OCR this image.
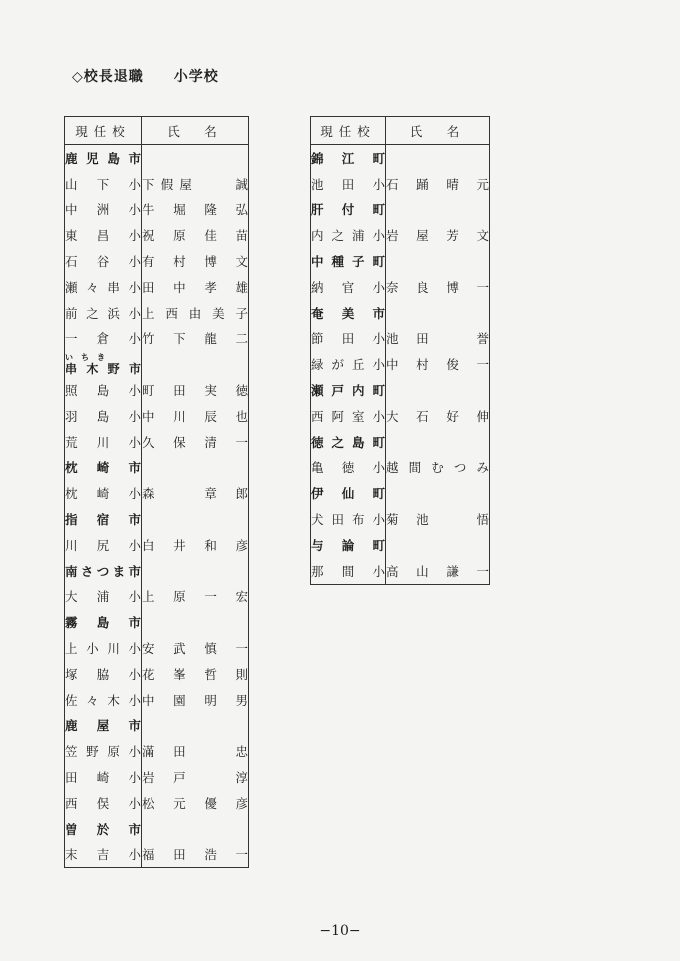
◇校長退職　　小学校
現任校	氏　名
鹿児島市	
山下小	下假屋　　誠

中洲小	牛堀隆弘

東昌小	祝原佳苗

石谷小	有村博文

瀬々串小	田中孝雄

前之浜小	上西由美子

一倉小	竹下龍二

いちき
串木野市	

照島小	町田実徳

羽島小	中川辰也

荒川小	久保清一

枕崎市	
枕崎小	森　章郎

指宿市	
川尻小	白井和彦

南さつま市	
大浦小	上原一宏

霧島市	
上小川小	安武慎一

塚脇小	花峯哲則

佐々木小	中園明男

鹿屋市	
笠野原小	滿田　忠

田崎小	岩戸　淳

西俣小	松元優彦

曽於市	
末吉小	福田浩一
現任校	氏　名
錦江町	
池田小	石踊晴元

肝付町	
内之浦小	岩屋芳文

中種子町	
納官小	奈良博一

奄美市	
節田小	池田　誉

緑が丘小	中村俊一

瀬戸内町	
西阿室小	大石好伸

徳之島町	
亀徳小	越間むつみ

伊仙町	
犬田布小	菊池　悟

与論町	
那間小	高山謙一
−10−
